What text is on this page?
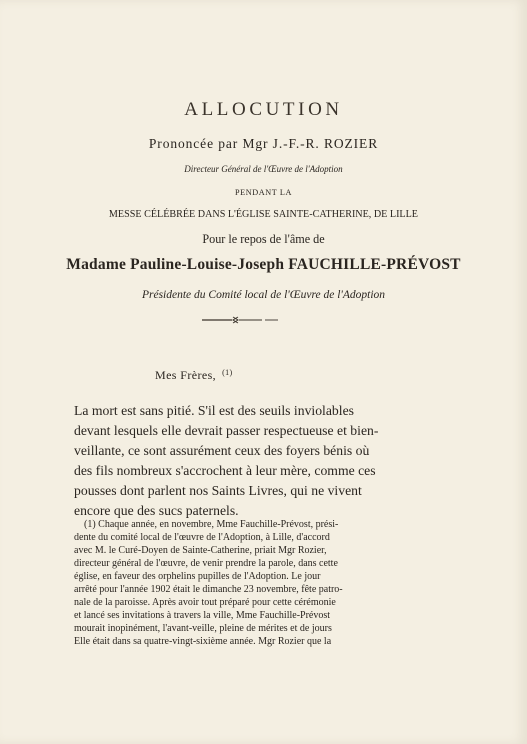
ALLOCUTION
Prononcée par Mgr J.-F.-R. ROZIER
Directeur Général de l'Œuvre de l'Adoption
PENDANT LA
MESSE CÉLÉBRÉE DANS L'ÉGLISE SAINTE-CATHERINE, DE LILLE
Pour le repos de l'âme de
Madame Pauline-Louise-Joseph FAUCHILLE-PRÉVOST
Présidente du Comité local de l'Œuvre de l'Adoption
Mes Frères, $^{(1)}$
La mort est sans pitié. S'il est des seuils inviolables
devant lesquels elle devrait passer respectueuse et bien-
veillante, ce sont assurément ceux des foyers bénis où
des fils nombreux s'accrochent à leur mère, comme ces
pousses dont parlent nos Saints Livres, qui ne vivent
encore que des sucs paternels.
(1) Chaque année, en novembre, Mme Fauchille-Prévost, prési-
dente du comité local de l'œuvre de l'Adoption, à Lille, d'accord
avec M. le Curé-Doyen de Sainte-Catherine, priait Mgr Rozier,
directeur général de l'œuvre, de venir prendre la parole, dans cette
église, en faveur des orphelins pupilles de l'Adoption. Le jour
arrêté pour l'année 1902 était le dimanche 23 novembre, fête patro-
nale de la paroisse. Après avoir tout préparé pour cette cérémonie
et lancé ses invitations à travers la ville, Mme Fauchille-Prévost
mourait inopinément, l'avant-veille, pleine de mérites et de jours
Elle était dans sa quatre-vingt-sixième année. Mgr Rozier que la
